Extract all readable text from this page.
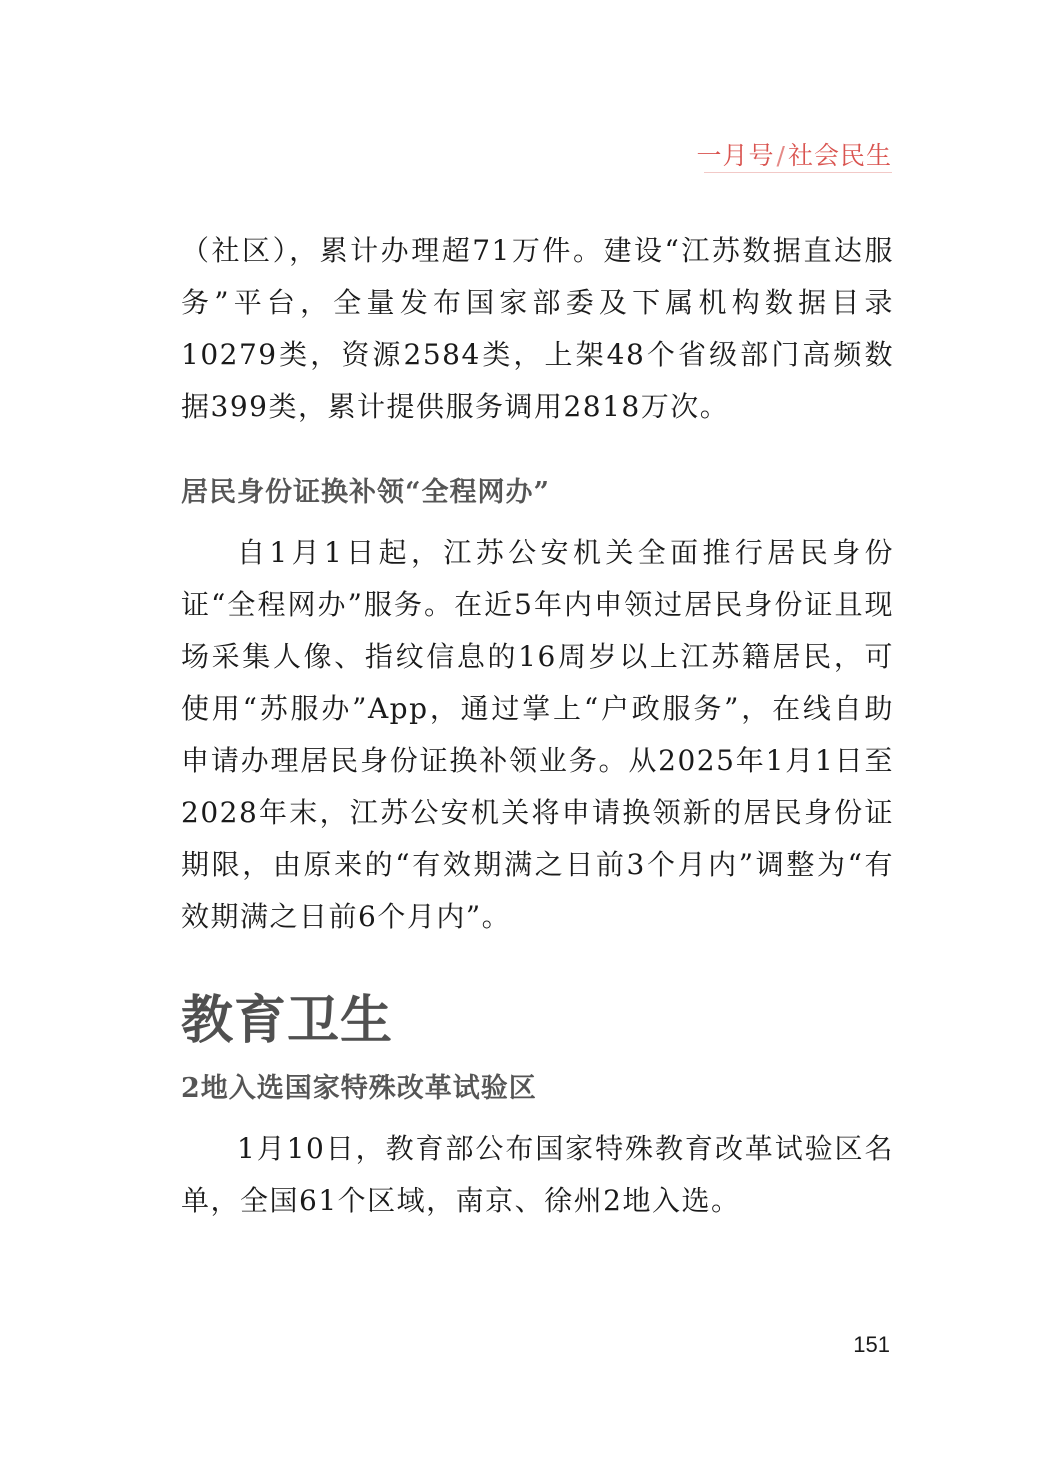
一月号/社会民生

（社区），累计办理超71万件。建设“江苏数据直达服务”平台，全量发布国家部委及下属机构数据目录10279类，资源2584类，上架48个省级部门高频数据399类，累计提供服务调用2818万次。

居民身份证换补领“全程网办”

自1月1日起，江苏公安机关全面推行居民身份证“全程网办”服务。在近5年内申领过居民身份证且现场采集人像、指纹信息的16周岁以上江苏籍居民，可使用“苏服办”App，通过掌上“户政服务”，在线自助申请办理居民身份证换补领业务。从2025年1月1日至2028年末，江苏公安机关将申请换领新的居民身份证期限，由原来的“有效期满之日前3个月内”调整为“有效期满之日前6个月内”。

教育卫生
2地入选国家特殊改革试验区

1月10日，教育部公布国家特殊教育改革试验区名单，全国61个区域，南京、徐州2地入选。

151
